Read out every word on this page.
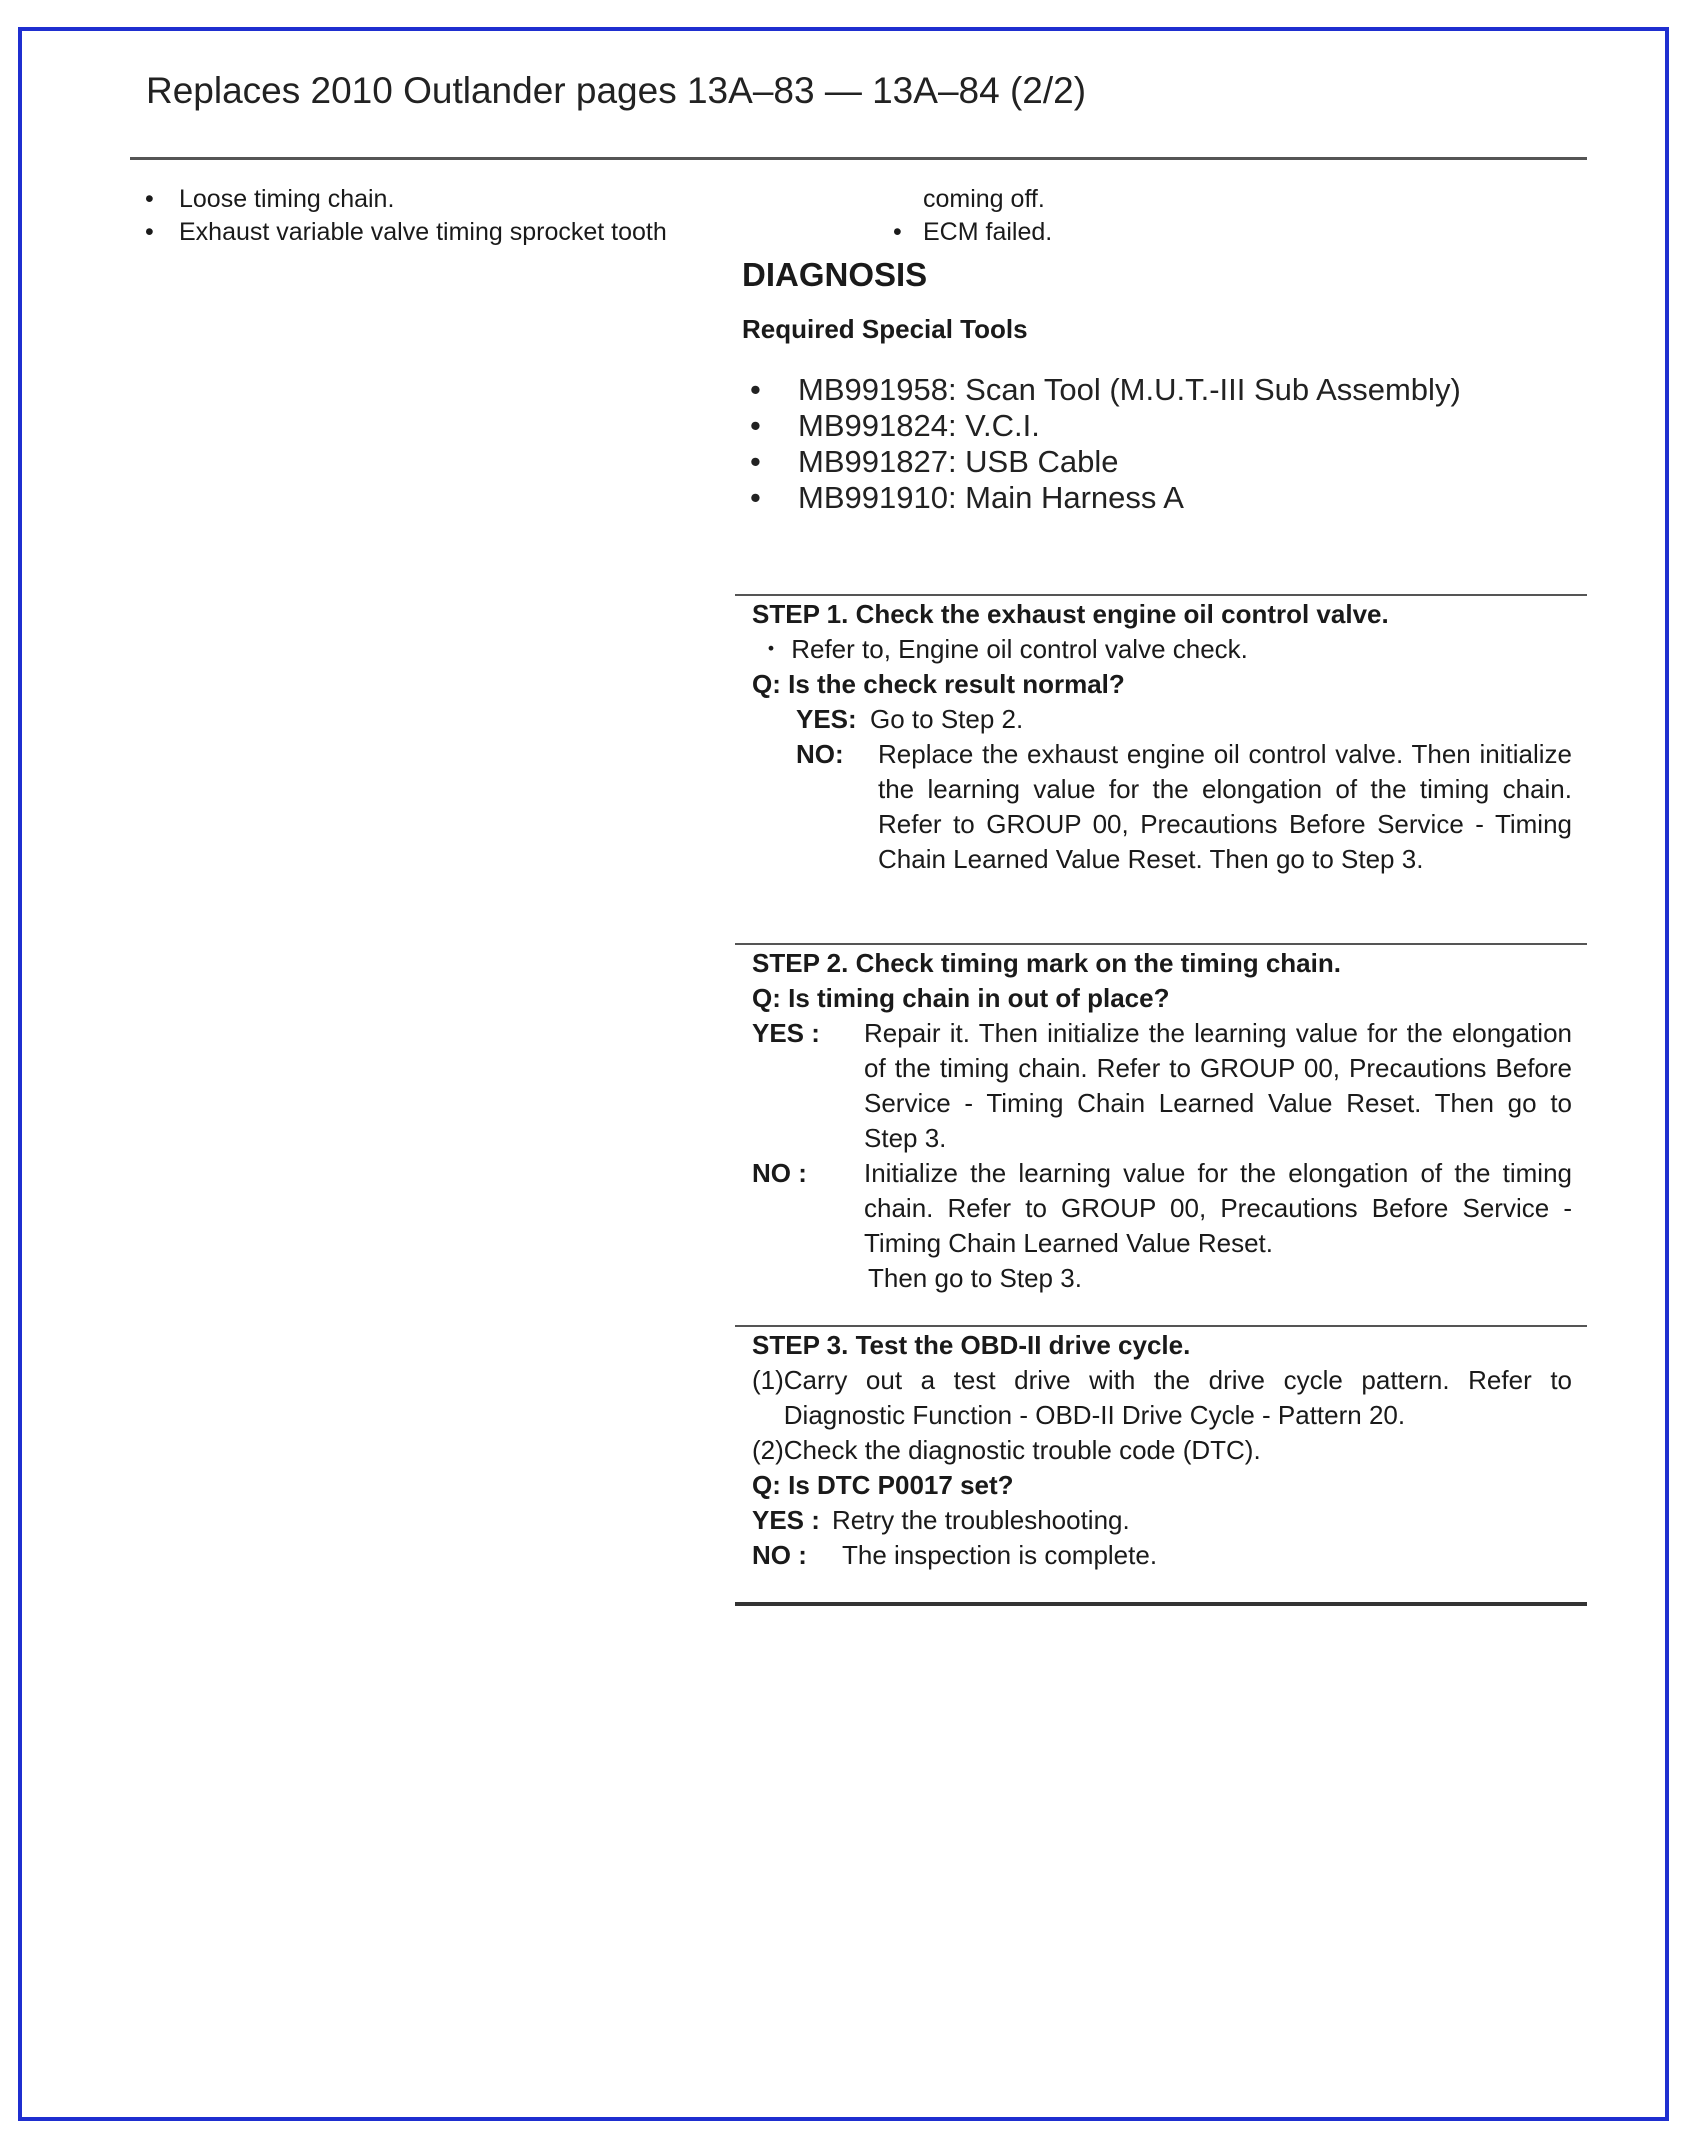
Replaces 2010 Outlander pages 13A–83 — 13A–84 (2/2)
• Loose timing chain.
• Exhaust variable valve timing sprocket tooth
coming off.
• ECM failed.
DIAGNOSIS
Required Special Tools
• MB991958: Scan Tool (M.U.T.-III Sub Assembly)
• MB991824: V.C.I.
• MB991827: USB Cable
• MB991910: Main Harness A
STEP 1. Check the exhaust engine oil control valve.
・ Refer to, Engine oil control valve check.
Q: Is the check result normal?
YES: Go to Step 2.
NO:	Replace the exhaust engine oil control valve. Then initialize the learning value for the elongation of the timing chain. Refer to GROUP 00, Precautions Before Service - Timing Chain Learned Value Reset. Then go to Step 3.
STEP 2. Check timing mark on the timing chain.
Q: Is timing chain in out of place?
YES :	Repair it. Then initialize the learning value for the elongation of the timing chain. Refer to GROUP 00, Precautions Before Service - Timing Chain Learned Value Reset. Then go to Step 3.
NO :	Initialize the learning value for the elongation of the timing chain. Refer to GROUP 00, Precautions Before Service - Timing Chain Learned Value Reset.
Then go to Step 3.
STEP 3. Test the OBD-II drive cycle.
(1) Carry out a test drive with the drive cycle pattern. Refer to Diagnostic Function - OBD-II Drive Cycle - Pattern 20.
(2)Check the diagnostic trouble code (DTC).
Q: Is DTC P0017 set?
YES : Retry the troubleshooting.
NO :	The inspection is complete.
